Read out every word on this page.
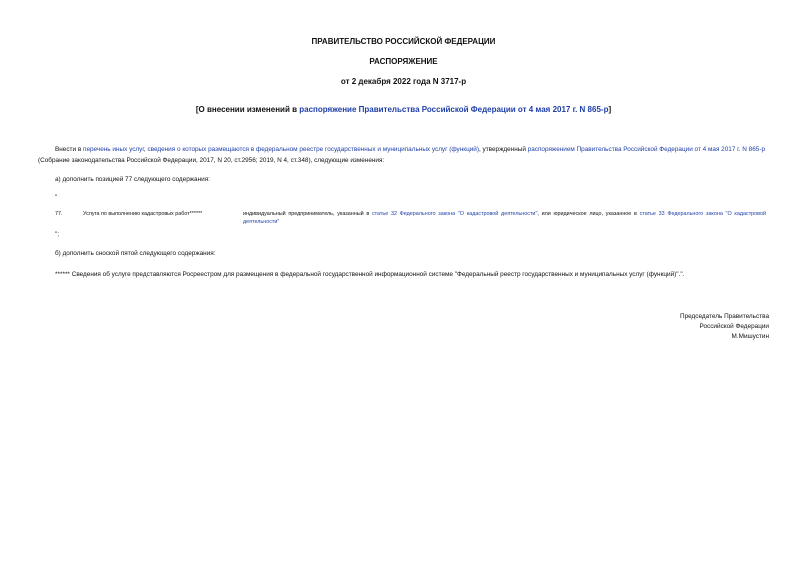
ПРАВИТЕЛЬСТВО РОССИЙСКОЙ ФЕДЕРАЦИИ
РАСПОРЯЖЕНИЕ
от 2 декабря 2022 года N 3717-р
[О внесении изменений в распоряжение Правительства Российской Федерации от 4 мая 2017 г. N 865-р]
Внести в перечень иных услуг, сведения о которых размещаются в федеральном реестре государственных и муниципальных услуг (функций), утвержденный распоряжением Правительства Российской Федерации от 4 мая 2017 г. N 865-р (Собрание законодательства Российской Федерации, 2017, N 20, ст.2956; 2019, N 4, ст.348), следующие изменения:
а) дополнить позицией 77 следующего содержания:
"
77.	Услуга по выполнению кадастровых работ******	индивидуальный предприниматель, указанный в статье 32 Федерального закона "О кадастровой деятельности", или юридическое лицо, указанное в статье 33 Федерального закона "О кадастровой деятельности"
";
б) дополнить сноской пятой следующего содержания:
****** Сведения об услуге представляются Росреестром для размещения в федеральной государственной информационной системе "Федеральный реестр государственных и муниципальных услуг (функций)".".
Председатель Правительства
Российской Федерации
М.Мишустин
